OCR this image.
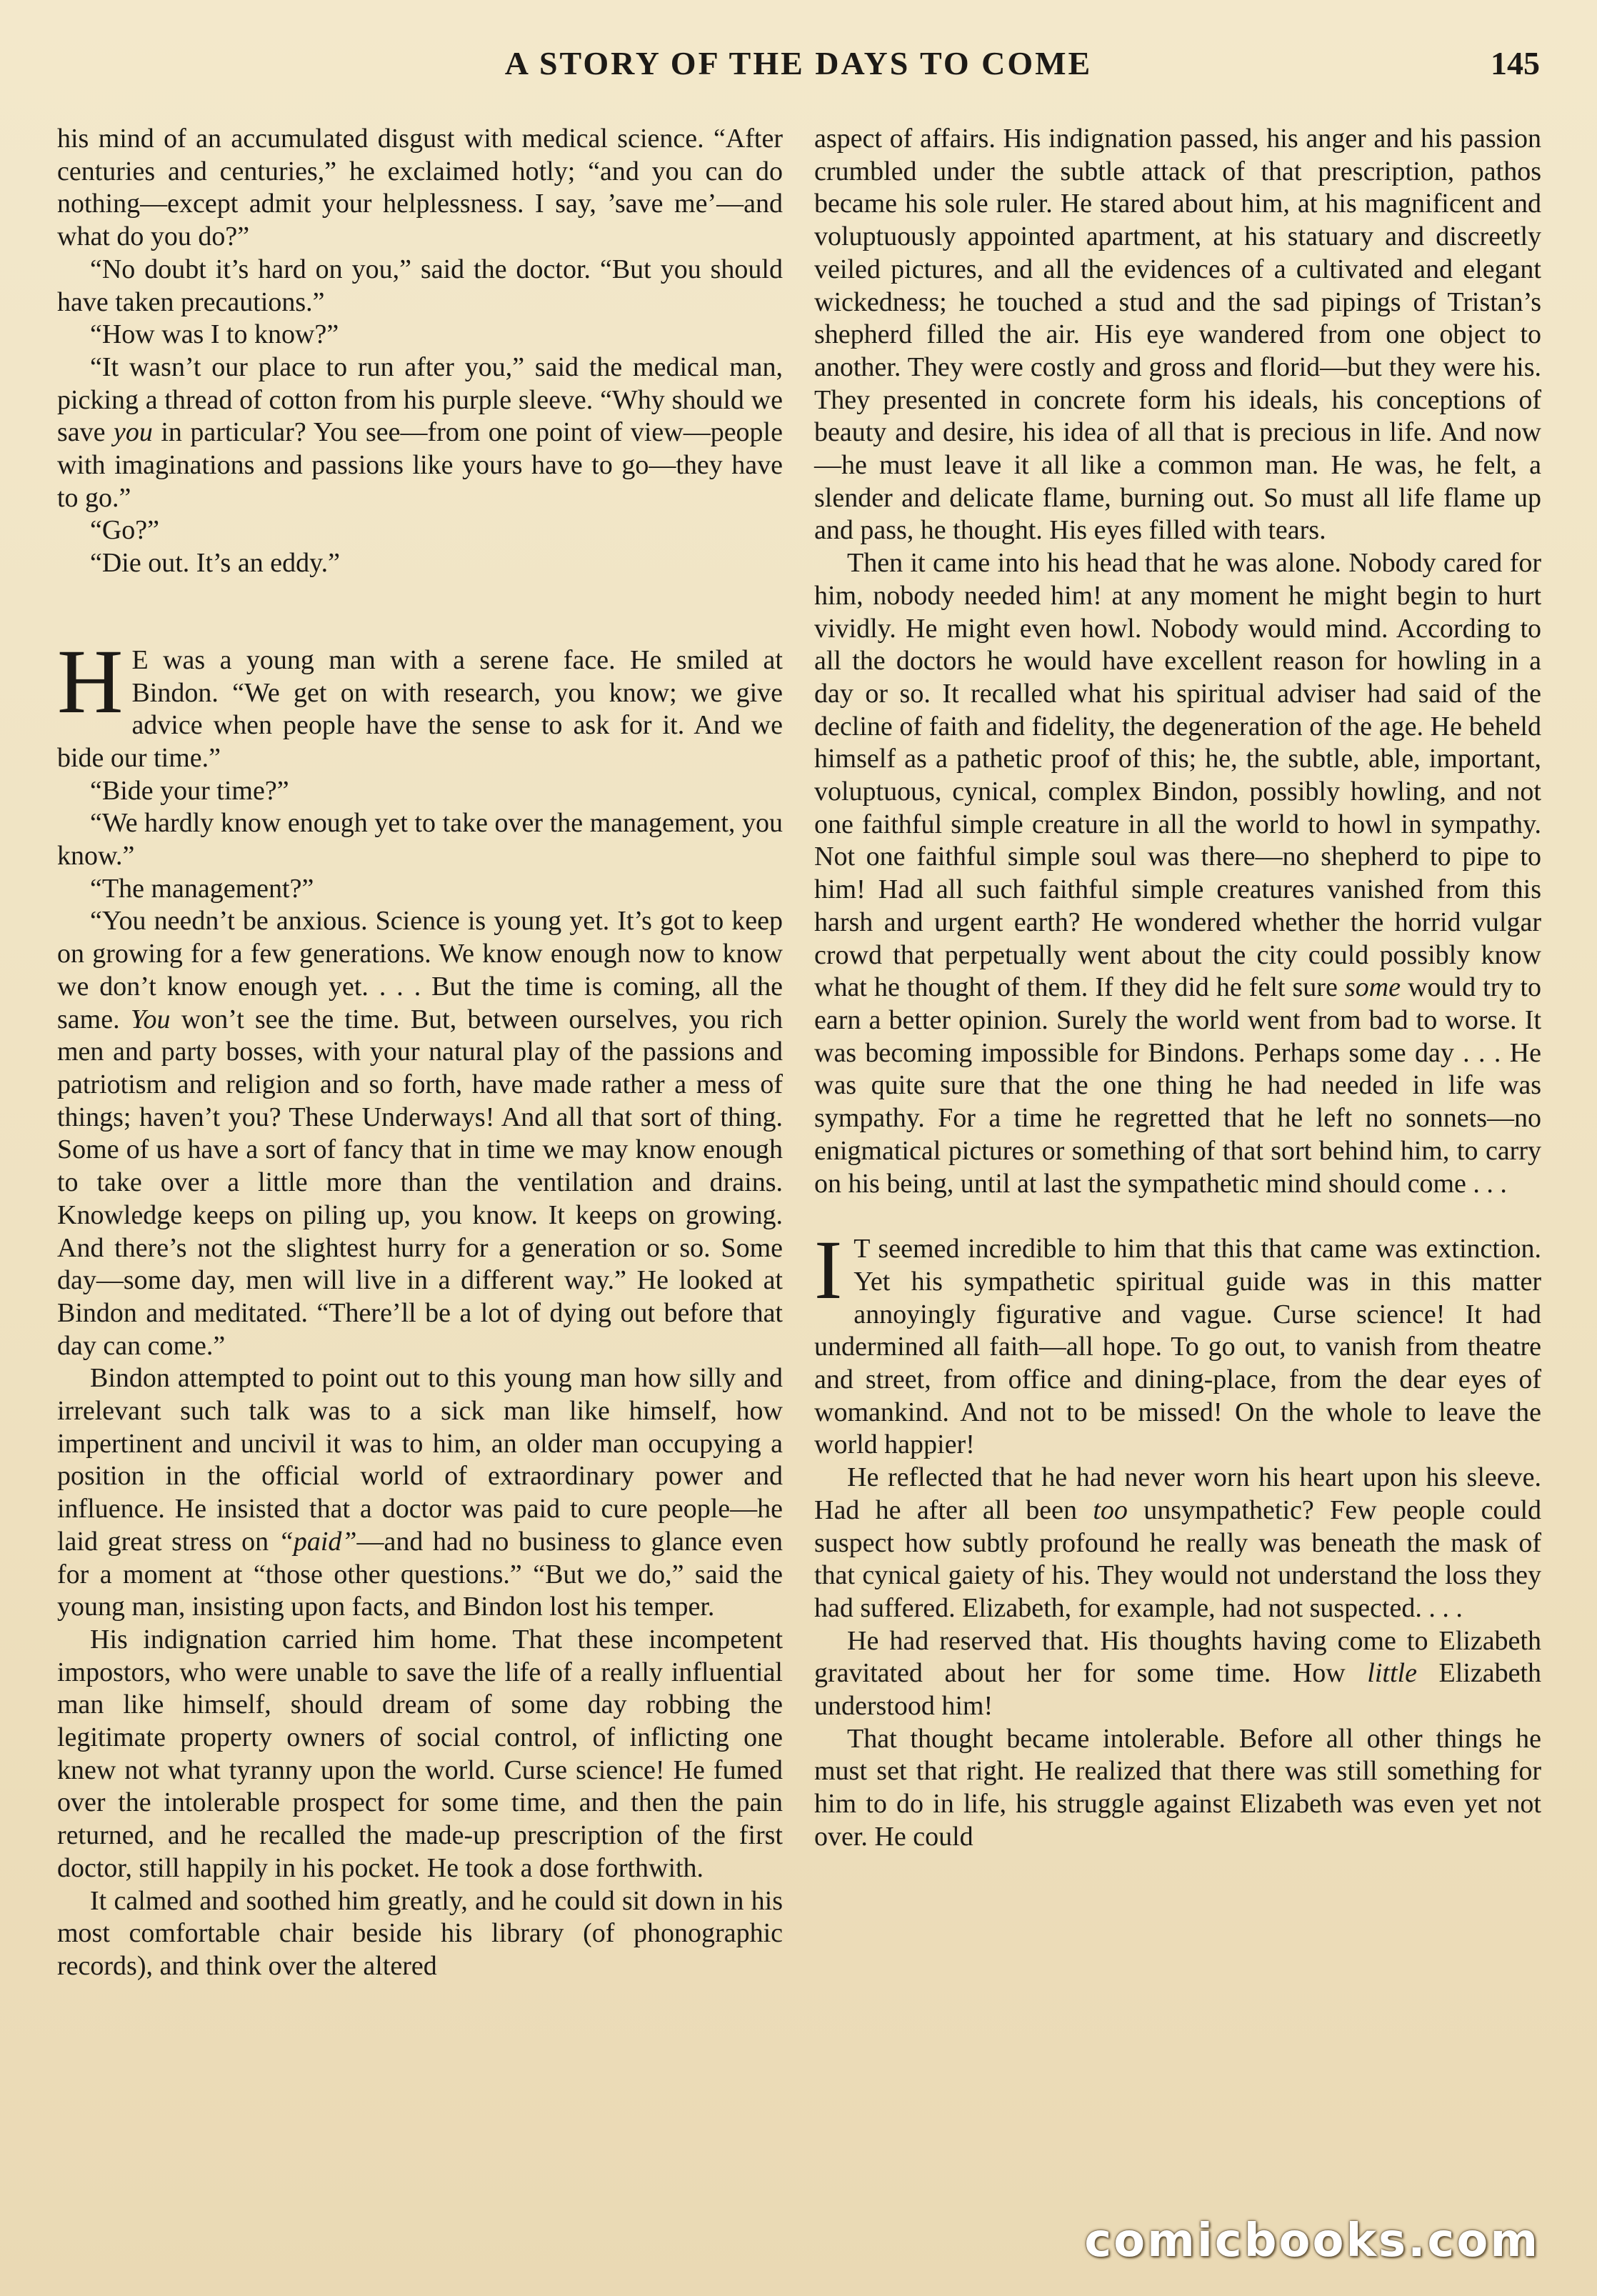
A STORY OF THE DAYS TO COME	145

his mind of an accumulated disgust with medical science. “After centuries and centuries,” he exclaimed hotly; “and you can do nothing—except admit your helplessness. I say, ’save me’—and what do you do?”

“No doubt it’s hard on you,” said the doctor. “But you should have taken precautions.”

“How was I to know?”

“It wasn’t our place to run after you,” said the medical man, picking a thread of cotton from his purple sleeve. “Why should we save you in particular? You see—from one point of view—people with imaginations and passions like yours have to go—they have to go.”

“Go?”

“Die out. It’s an eddy.”

H E was a young man with a serene face. He smiled at Bindon. “We get on with research, you know; we give advice when people have the sense to ask for it. And we bide our time.”

“Bide your time?”

“We hardly know enough yet to take over the management, you know.”

“The management?”

“You needn’t be anxious. Science is young yet. It’s got to keep on growing for a few generations. We know enough now to know we don’t know enough yet. . . . But the time is coming, all the same. You won’t see the time. But, between ourselves, you rich men and party bosses, with your natural play of the passions and patriotism and religion and so forth, have made rather a mess of things; haven’t you? These Underways! And all that sort of thing. Some of us have a sort of fancy that in time we may know enough to take over a little more than the ventilation and drains. Knowledge keeps on piling up, you know. It keeps on growing. And there’s not the slightest hurry for a generation or so. Some day—some day, men will live in a different way.” He looked at Bindon and meditated. “There’ll be a lot of dying out before that day can come.”

Bindon attempted to point out to this young man how silly and irrelevant such talk was to a sick man like himself, how impertinent and uncivil it was to him, an older man occupying a position in the official world of extraordinary power and influence. He insisted that a doctor was paid to cure people—he laid great stress on “paid”—and had no business to glance even for a moment at “those other questions.” “But we do,” said the young man, insisting upon facts, and Bindon lost his temper.

His indignation carried him home. That these incompetent impostors, who were unable to save the life of a really influential man like himself, should dream of some day robbing the legitimate property owners of social control, of inflicting one knew not what tyranny upon the world. Curse science! He fumed over the intolerable prospect for some time, and then the pain returned, and he recalled the made-up prescription of the first doctor, still happily in his pocket. He took a dose forthwith.

It calmed and soothed him greatly, and he could sit down in his most comfortable chair beside his library (of phonographic records), and think over the altered

aspect of affairs. His indignation passed, his anger and his passion crumbled under the subtle attack of that prescription, pathos became his sole ruler. He stared about him, at his magnificent and voluptuously appointed apartment, at his statuary and discreetly veiled pictures, and all the evidences of a cultivated and elegant wickedness; he touched a stud and the sad pipings of Tristan’s shepherd filled the air. His eye wandered from one object to another. They were costly and gross and florid—but they were his. They presented in concrete form his ideals, his conceptions of beauty and desire, his idea of all that is precious in life. And now—he must leave it all like a common man. He was, he felt, a slender and delicate flame, burning out. So must all life flame up and pass, he thought. His eyes filled with tears.

Then it came into his head that he was alone. Nobody cared for him, nobody needed him! at any moment he might begin to hurt vividly. He might even howl. Nobody would mind. According to all the doctors he would have excellent reason for howling in a day or so. It recalled what his spiritual adviser had said of the decline of faith and fidelity, the degeneration of the age. He beheld himself as a pathetic proof of this; he, the subtle, able, important, voluptuous, cynical, complex Bindon, possibly howling, and not one faithful simple creature in all the world to howl in sympathy. Not one faithful simple soul was there—no shepherd to pipe to him! Had all such faithful simple creatures vanished from this harsh and urgent earth? He wondered whether the horrid vulgar crowd that perpetually went about the city could possibly know what he thought of them. If they did he felt sure some would try to earn a better opinion. Surely the world went from bad to worse. It was becoming impossible for Bindons. Perhaps some day . . . He was quite sure that the one thing he had needed in life was sympathy. For a time he regretted that he left no sonnets—no enigmatical pictures or something of that sort behind him, to carry on his being, until at last the sympathetic mind should come . . .

I T seemed incredible to him that this that came was extinction. Yet his sympathetic spiritual guide was in this matter annoyingly figurative and vague. Curse science! It had undermined all faith—all hope. To go out, to vanish from theatre and street, from office and dining-place, from the dear eyes of womankind. And not to be missed! On the whole to leave the world happier!

He reflected that he had never worn his heart upon his sleeve. Had he after all been too unsympathetic? Few people could suspect how subtly profound he really was beneath the mask of that cynical gaiety of his. They would not understand the loss they had suffered. Elizabeth, for example, had not suspected. . . .

He had reserved that. His thoughts having come to Elizabeth gravitated about her for some time. How little Elizabeth understood him!

That thought became intolerable. Before all other things he must set that right. He realized that there was still something for him to do in life, his struggle against Elizabeth was even yet not over. He could

comicbooks.com
